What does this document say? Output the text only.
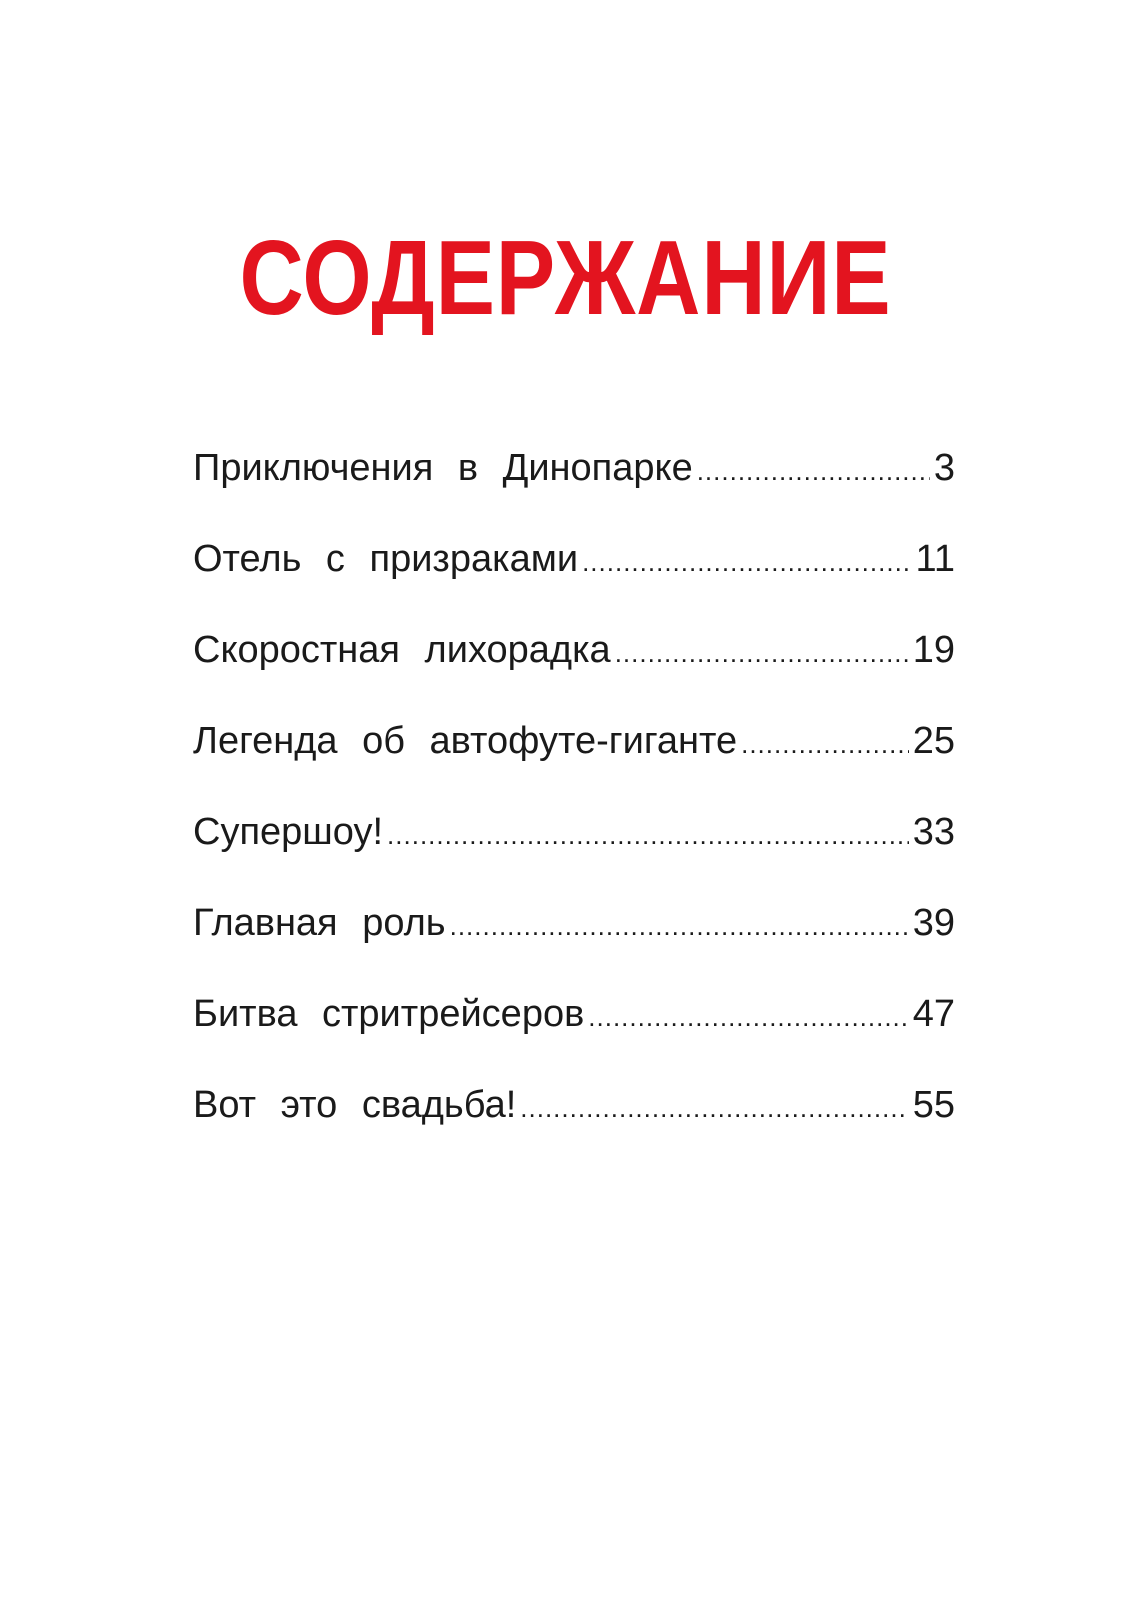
СОДЕРЖАНИЕ
Приключения в Динопарке .....	3
Отель с призраками .....	11
Скоростная лихорадка .....	19
Легенда об автофуте-гиганте .....	25
Супершоу! .....	33
Главная роль .....	39
Битва стритрейсеров .....	47
Вот это свадьба! .....	55
